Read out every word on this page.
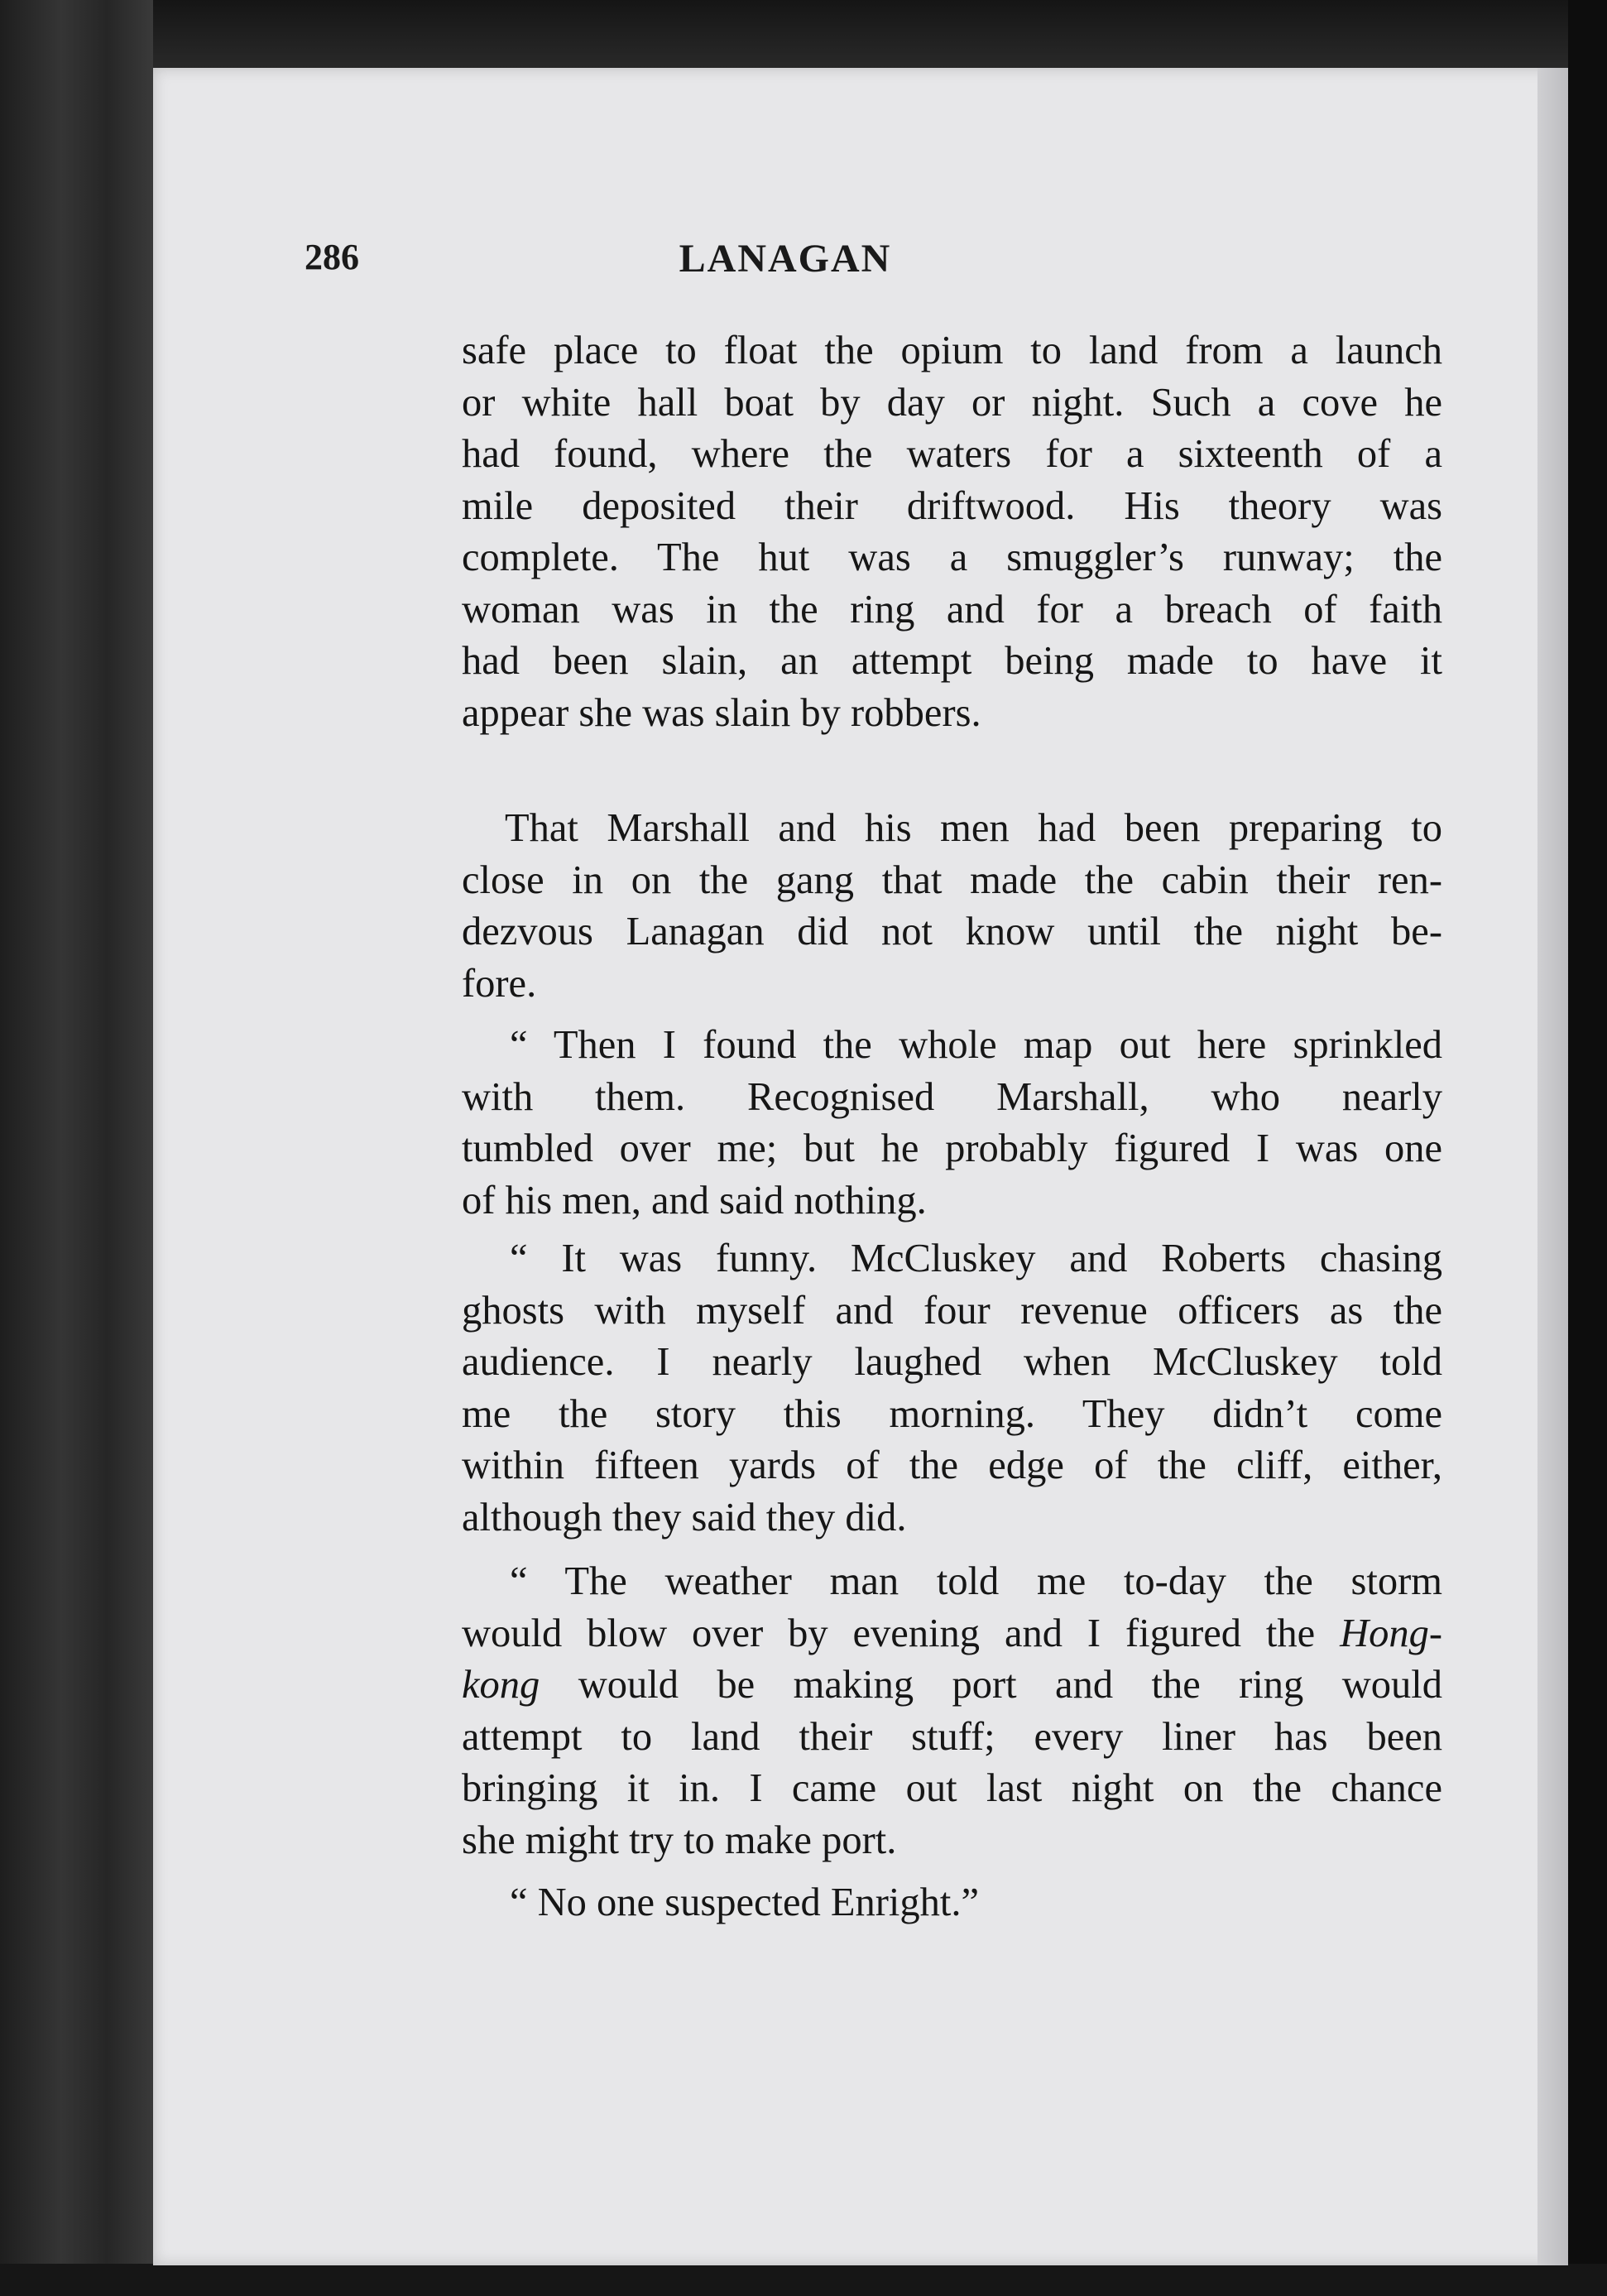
286	LANAGAN
safe place to float the opium to land from a launch
or white hall boat by day or night. Such a cove he
had found, where the waters for a sixteenth of a
mile deposited their driftwood. His theory was
complete. The hut was a smuggler’s runway; the
woman was in the ring and for a breach of faith
had been slain, an attempt being made to have it
appear she was slain by robbers.
That Marshall and his men had been preparing to
close in on the gang that made the cabin their ren-
dezvous Lanagan did not know until the night be-
fore.
“ Then I found the whole map out here sprinkled
with them. Recognised Marshall, who nearly
tumbled over me; but he probably figured I was one
of his men, and said nothing.
“ It was funny. McCluskey and Roberts chasing
ghosts with myself and four revenue officers as the
audience. I nearly laughed when McCluskey told
me the story this morning. They didn’t come
within fifteen yards of the edge of the cliff, either,
although they said they did.
“ The weather man told me to-day the storm
would blow over by evening and I figured the Hong-
kong would be making port and the ring would
attempt to land their stuff; every liner has been
bringing it in. I came out last night on the chance
she might try to make port.
“ No one suspected Enright.”
